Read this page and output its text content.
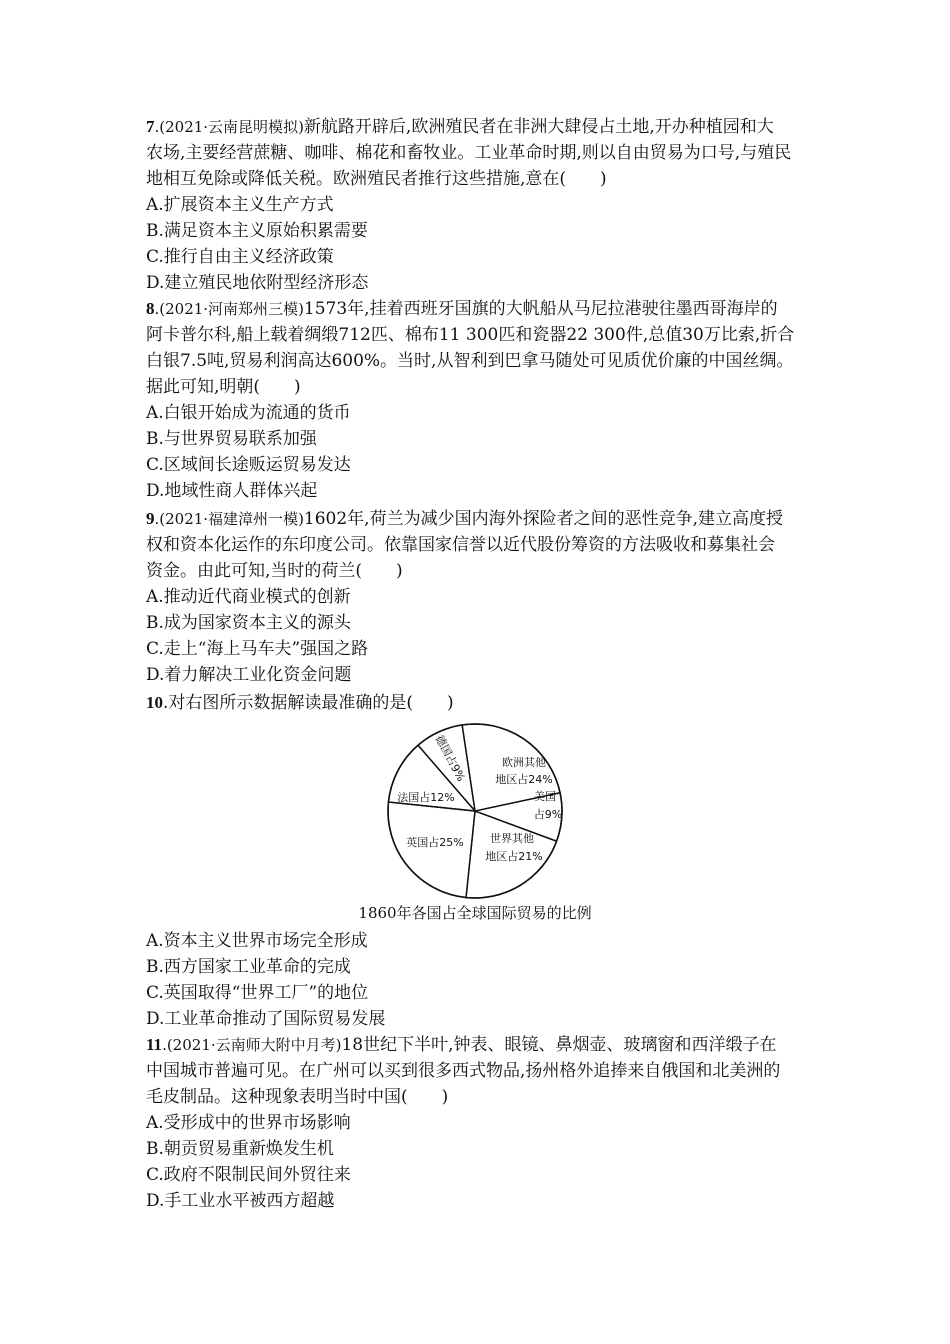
7.(2021·云南昆明模拟)新航路开辟后,欧洲殖民者在非洲大肆侵占土地,开办种植园和大
农场,主要经营蔗糖、咖啡、棉花和畜牧业。工业革命时期,则以自由贸易为口号,与殖民
地相互免除或降低关税。欧洲殖民者推行这些措施,意在(　　)
A.扩展资本主义生产方式
B.满足资本主义原始积累需要
C.推行自由主义经济政策
D.建立殖民地依附型经济形态
8.(2021·河南郑州三模)1573年,挂着西班牙国旗的大帆船从马尼拉港驶往墨西哥海岸的
阿卡普尔科,船上载着绸缎712匹、棉布11 300匹和瓷器22 300件,总值30万比索,折合
白银7.5吨,贸易利润高达600%。当时,从智利到巴拿马随处可见质优价廉的中国丝绸。
据此可知,明朝(　　)
A.白银开始成为流通的货币
B.与世界贸易联系加强
C.区域间长途贩运贸易发达
D.地域性商人群体兴起
9.(2021·福建漳州一模)1602年,荷兰为减少国内海外探险者之间的恶性竞争,建立高度授
权和资本化运作的东印度公司。依靠国家信誉以近代股份筹资的方法吸收和募集社会
资金。由此可知,当时的荷兰(　　)
A.推动近代商业模式的创新
B.成为国家资本主义的源头
C.走上“海上马车夫”强国之路
D.着力解决工业化资金问题
10.对右图所示数据解读最准确的是(　　)
欧洲其他
地区占24%
美国
占9%
世界其他
地区占21%
英国占25%
法国占12%
德国占9%
1860年各国占全球国际贸易的比例
A.资本主义世界市场完全形成
B.西方国家工业革命的完成
C.英国取得“世界工厂”的地位
D.工业革命推动了国际贸易发展
11.(2021·云南师大附中月考)18世纪下半叶,钟表、眼镜、鼻烟壶、玻璃窗和西洋缎子在
中国城市普遍可见。在广州可以买到很多西式物品,扬州格外追捧来自俄国和北美洲的
毛皮制品。这种现象表明当时中国(　　)
A.受形成中的世界市场影响
B.朝贡贸易重新焕发生机
C.政府不限制民间外贸往来
D.手工业水平被西方超越
